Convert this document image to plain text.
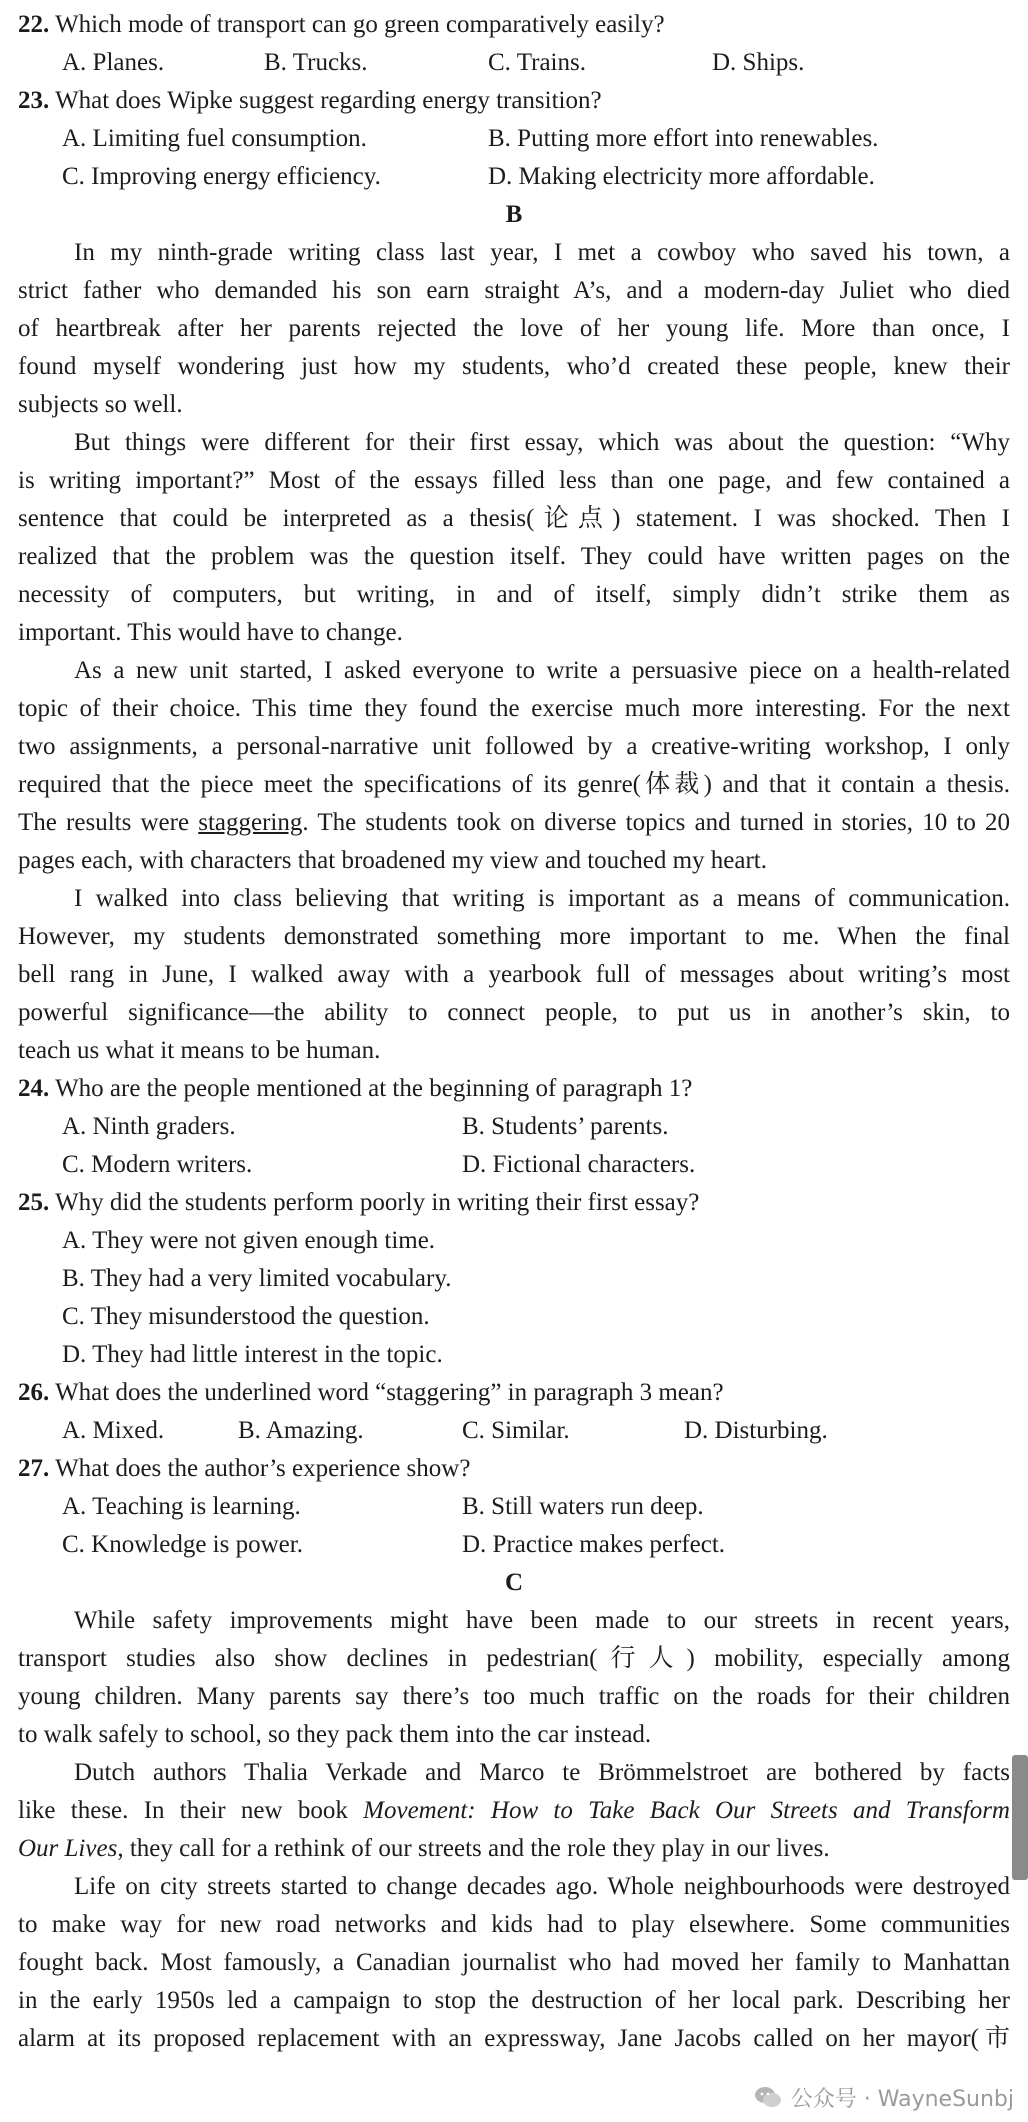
22. Which mode of transport can go green comparatively easily?
A. Planes.	B. Trucks.	C. Trains.	D. Ships.
23. What does Wipke suggest regarding energy transition?
A. Limiting fuel consumption.	B. Putting more effort into renewables.
C. Improving energy efficiency.	D. Making electricity more affordable.
B
In my ninth-grade writing class last year, I met a cowboy who saved his town, a
strict father who demanded his son earn straight A’s, and a modern-day Juliet who died
of heartbreak after her parents rejected the love of her young life. More than once, I
found myself wondering just how my students, who’d created these people, knew their
subjects so well.
But things were different for their first essay, which was about the question: “Why
is writing important?” Most of the essays filled less than one page, and few contained a
sentence that could be interpreted as a thesis(论点) statement. I was shocked. Then I
realized that the problem was the question itself. They could have written pages on the
necessity of computers, but writing, in and of itself, simply didn’t strike them as
important. This would have to change.
As a new unit started, I asked everyone to write a persuasive piece on a health-related
topic of their choice. This time they found the exercise much more interesting. For the next
two assignments, a personal-narrative unit followed by a creative-writing workshop, I only
required that the piece meet the specifications of its genre(体裁) and that it contain a thesis.
The results were staggering. The students took on diverse topics and turned in stories, 10 to 20
pages each, with characters that broadened my view and touched my heart.
I walked into class believing that writing is important as a means of communication.
However, my students demonstrated something more important to me. When the final
bell rang in June, I walked away with a yearbook full of messages about writing’s most
powerful significance—the ability to connect people, to put us in another’s skin, to
teach us what it means to be human.
24. Who are the people mentioned at the beginning of paragraph 1?
A. Ninth graders.	B. Students’ parents.
C. Modern writers.	D. Fictional characters.
25. Why did the students perform poorly in writing their first essay?
A. They were not given enough time.
B. They had a very limited vocabulary.
C. They misunderstood the question.
D. They had little interest in the topic.
26. What does the underlined word “staggering” in paragraph 3 mean?
A. Mixed.	B. Amazing.	C. Similar.	D. Disturbing.
27. What does the author’s experience show?
A. Teaching is learning.	B. Still waters run deep.
C. Knowledge is power.	D. Practice makes perfect.
C
While safety improvements might have been made to our streets in recent years,
transport studies also show declines in pedestrian(行人) mobility, especially among
young children. Many parents say there’s too much traffic on the roads for their children
to walk safely to school, so they pack them into the car instead.
Dutch authors Thalia Verkade and Marco te Brömmelstroet are bothered by facts
like these. In their new book Movement: How to Take Back Our Streets and Transform
Our Lives, they call for a rethink of our streets and the role they play in our lives.
Life on city streets started to change decades ago. Whole neighbourhoods were destroyed
to make way for new road networks and kids had to play elsewhere. Some communities
fought back. Most famously, a Canadian journalist who had moved her family to Manhattan
in the early 1950s led a campaign to stop the destruction of her local park. Describing her
alarm at its proposed replacement with an expressway, Jane Jacobs called on her mayor(市
公众号 · WayneSunbj
